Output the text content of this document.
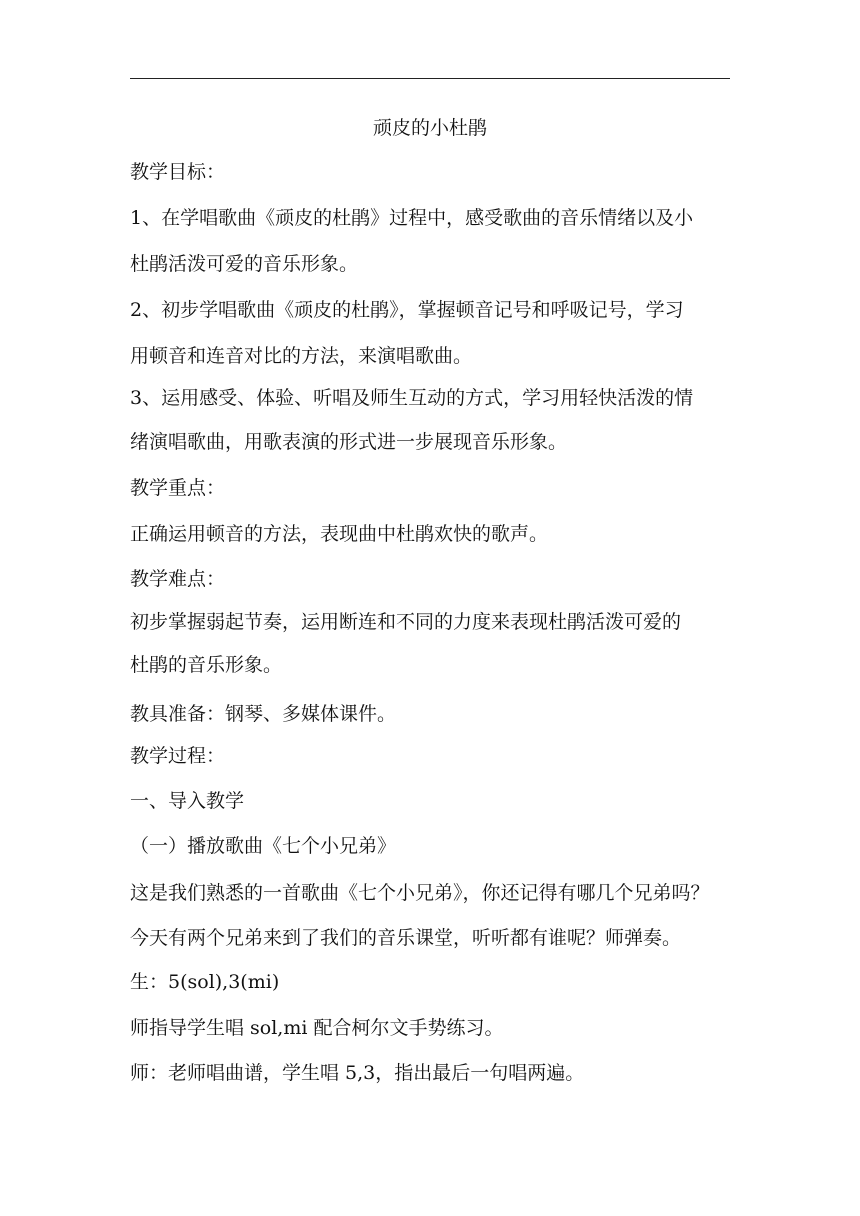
顽皮的小杜鹃
教学目标：
1、在学唱歌曲《顽皮的杜鹃》过程中，感受歌曲的音乐情绪以及小
杜鹃活泼可爱的音乐形象。
2、初步学唱歌曲《顽皮的杜鹃》，掌握顿音记号和呼吸记号，学习
用顿音和连音对比的方法，来演唱歌曲。
3、运用感受、体验、听唱及师生互动的方式，学习用轻快活泼的情
绪演唱歌曲，用歌表演的形式进一步展现音乐形象。
教学重点：
正确运用顿音的方法，表现曲中杜鹃欢快的歌声。
教学难点：
初步掌握弱起节奏，运用断连和不同的力度来表现杜鹃活泼可爱的
杜鹃的音乐形象。
教具准备：钢琴、多媒体课件。
教学过程：
一、导入教学
（一）播放歌曲《七个小兄弟》
这是我们熟悉的一首歌曲《七个小兄弟》，你还记得有哪几个兄弟吗？
今天有两个兄弟来到了我们的音乐课堂，听听都有谁呢？师弹奏。
生：5(sol),3(mi)
师指导学生唱 sol,mi 配合柯尔文手势练习。
师：老师唱曲谱，学生唱 5,3，指出最后一句唱两遍。
